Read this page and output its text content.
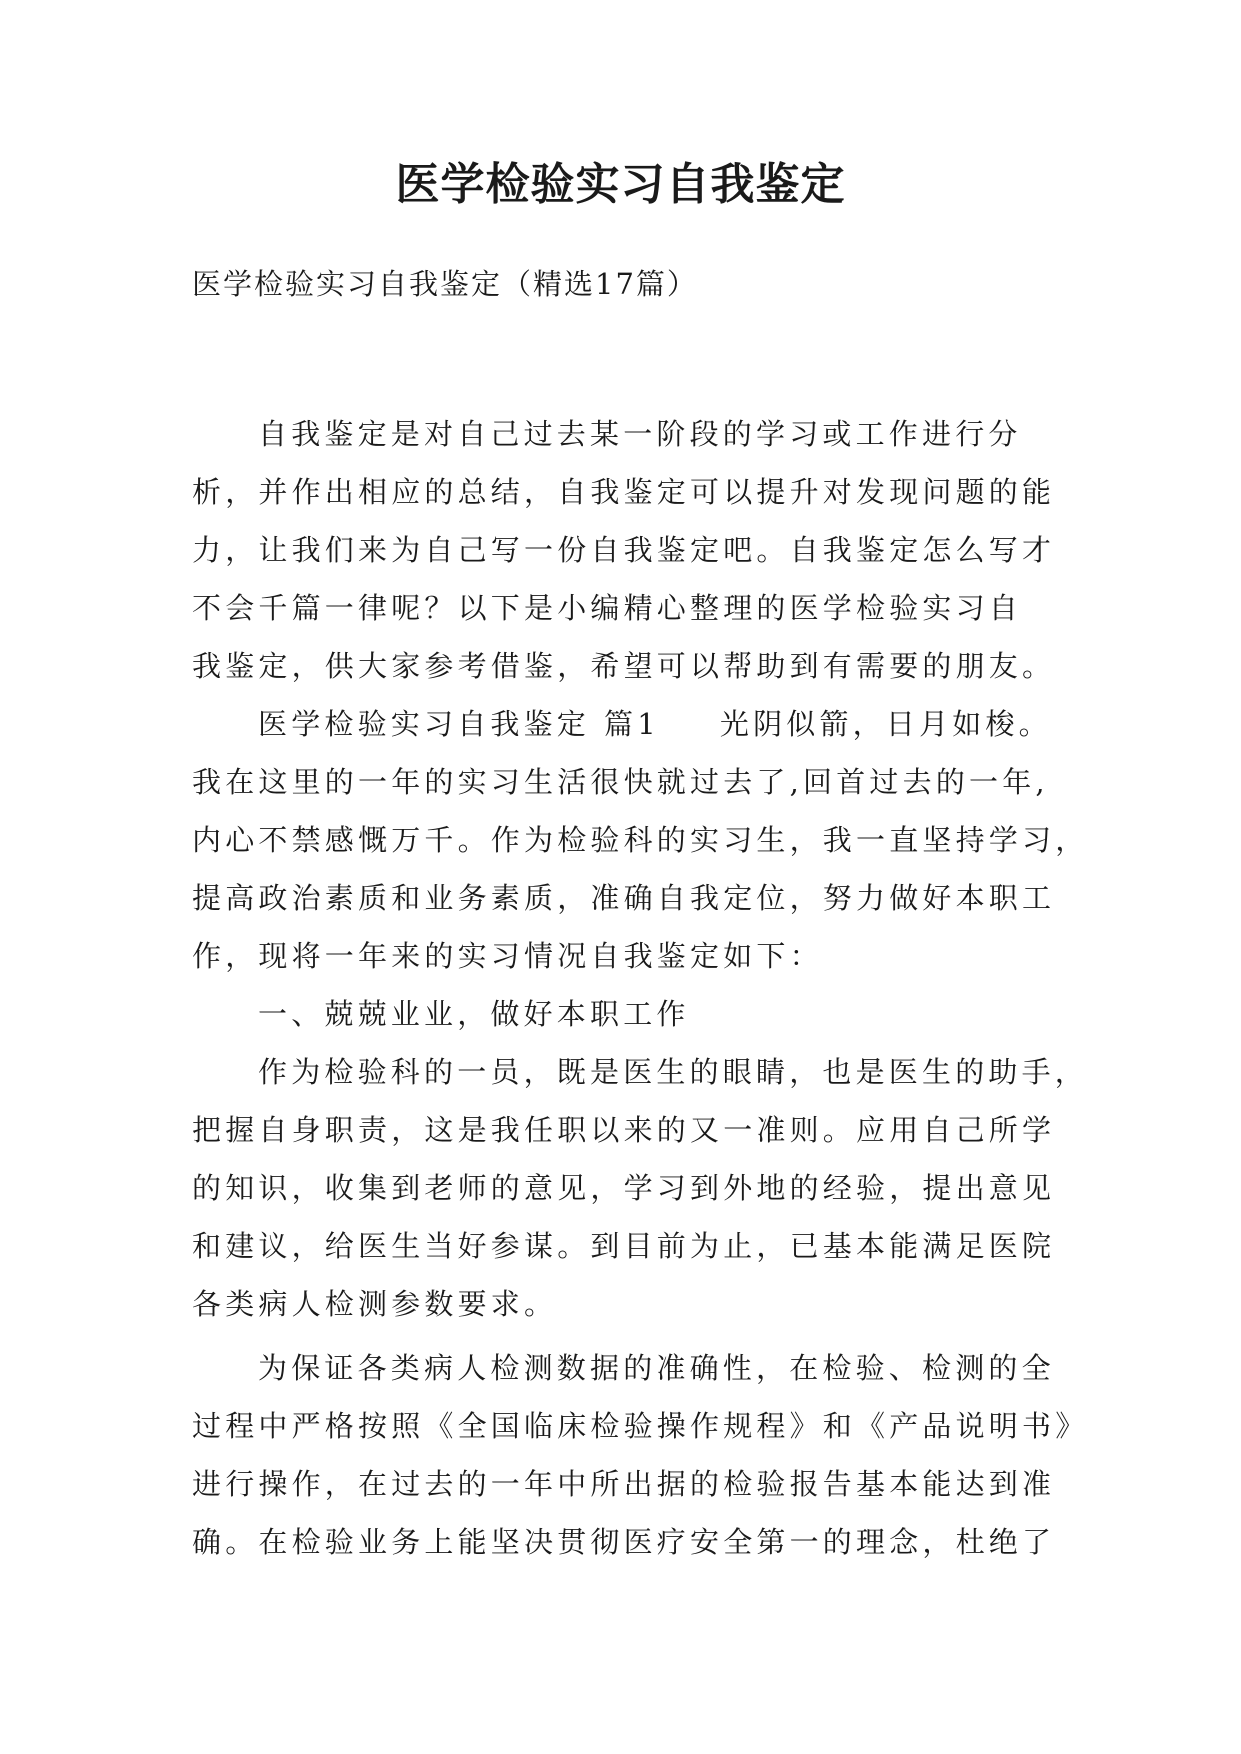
医学检验实习自我鉴定
医学检验实习自我鉴定（精选17篇）
自我鉴定是对自己过去某一阶段的学习或工作进行分
析，并作出相应的总结，自我鉴定可以提升对发现问题的能
力，让我们来为自己写一份自我鉴定吧。自我鉴定怎么写才
不会千篇一律呢？以下是小编精心整理的医学检验实习自
我鉴定，供大家参考借鉴，希望可以帮助到有需要的朋友。
医学检验实习自我鉴定 篇1 光阴似箭，日月如梭。
我在这里的一年的实习生活很快就过去了,回首过去的一年,
内心不禁感慨万千。作为检验科的实习生，我一直坚持学习，
提高政治素质和业务素质，准确自我定位，努力做好本职工
作，现将一年来的实习情况自我鉴定如下：
一、兢兢业业，做好本职工作
作为检验科的一员，既是医生的眼睛，也是医生的助手，
把握自身职责，这是我任职以来的又一准则。应用自己所学
的知识，收集到老师的意见，学习到外地的经验，提出意见
和建议，给医生当好参谋。到目前为止，已基本能满足医院
各类病人检测参数要求。
为保证各类病人检测数据的准确性，在检验、检测的全
过程中严格按照《全国临床检验操作规程》和《产品说明书》
进行操作，在过去的一年中所出据的检验报告基本能达到准
确。在检验业务上能坚决贯彻医疗安全第一的理念，杜绝了
